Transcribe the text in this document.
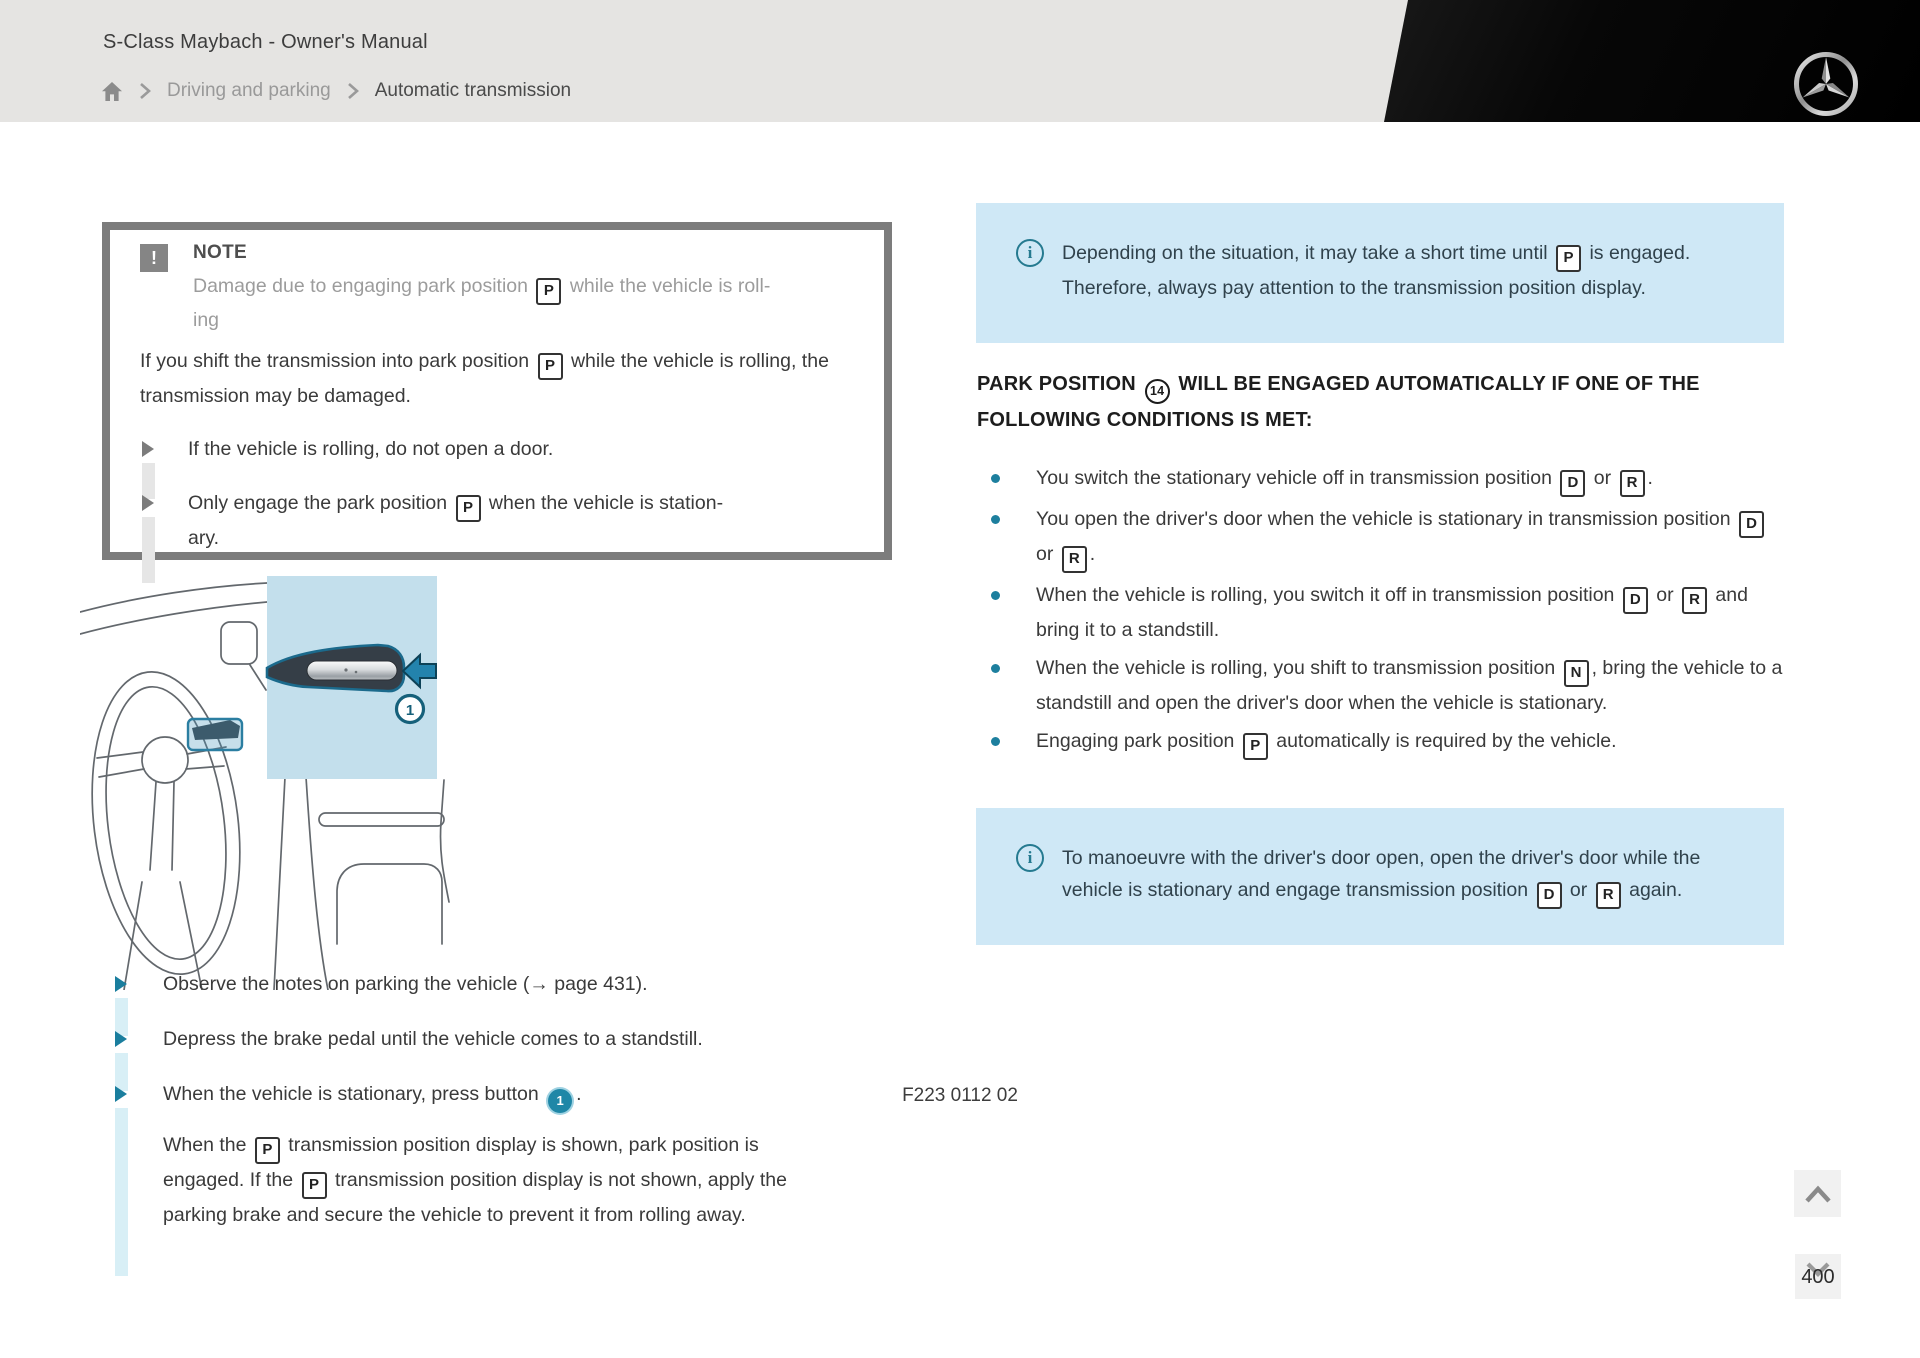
S-Class Maybach - Owner's Manual
Driving and parking Automatic transmission
!	NOTE
Damage due to engaging park position P while the vehicle is roll-
ing
If you shift the transmission into park position P while the vehicle is rolling, the transmission may be damaged.
If the vehicle is rolling, do not open a door.
Only engage the park position P when the vehicle is station-
ary.
1
Observe the notes on parking the vehicle (→ page 431).
Depress the brake pedal until the vehicle comes to a standstill.
When the vehicle is stationary, press button 1 .
When the P transmission position display is shown, park position is engaged. If the P transmission position display is not shown, apply the parking brake and secure the vehicle to prevent it from rolling away.
i	Depending on the situation, it may take a short time until P is engaged. Therefore, always pay attention to the transmission position display.
PARK POSITION 14 WILL BE ENGAGED AUTOMATICALLY IF ONE OF THE FOLLOWING CONDITIONS IS MET:
You switch the stationary vehicle off in transmission position D or R .
You open the driver's door when the vehicle is stationary in transmission position D or R .
When the vehicle is rolling, you switch it off in transmission position D or R and bring it to a standstill.
When the vehicle is rolling, you shift to transmission position N , bring the vehicle to a standstill and open the driver's door when the vehicle is stationary.
Engaging park position P automatically is required by the vehicle.
i	To manoeuvre with the driver's door open, open the driver's door while the vehicle is stationary and engage transmission position D or R again.
F223 0112 02
400
